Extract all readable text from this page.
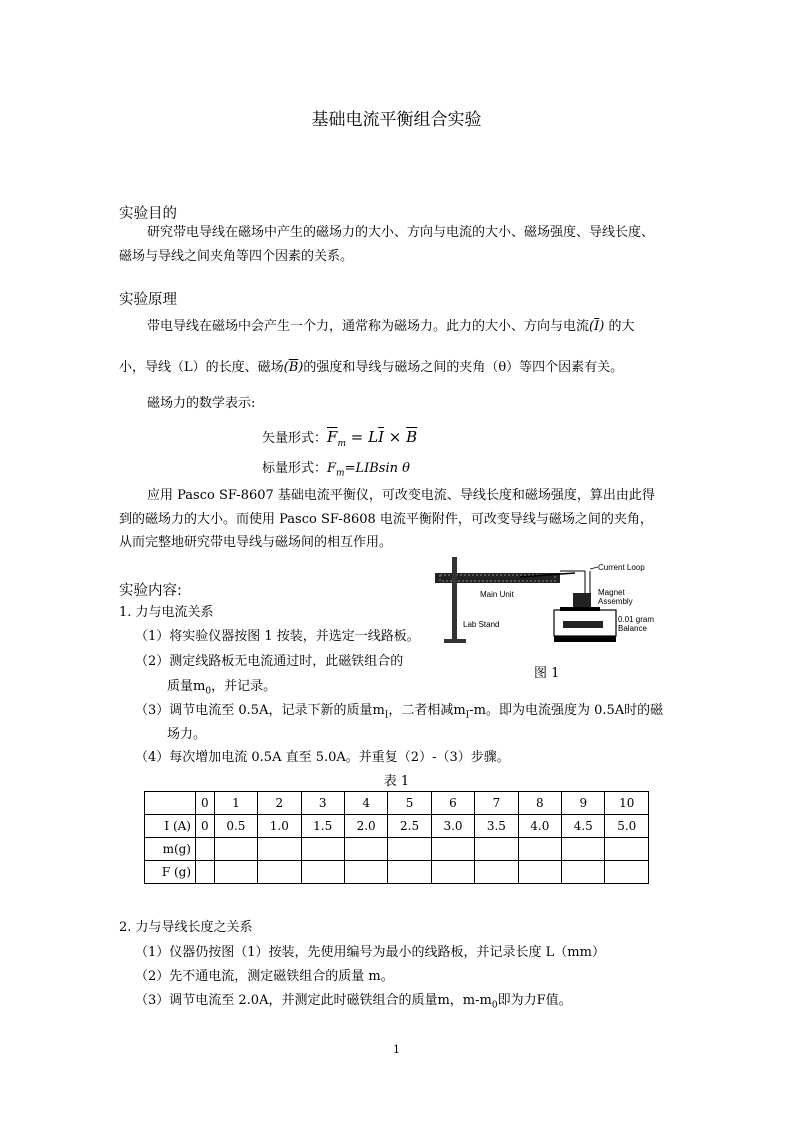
基础电流平衡组合实验
实验目的
研究带电导线在磁场中产生的磁场力的大小、方向与电流的大小、磁场强度、导线长度、
磁场与导线之间夹角等四个因素的关系。
实验原理
带电导线在磁场中会产生一个力，通常称为磁场力。此力的大小、方向与电流$(\overline{I})$ 的大
小，导线（L）的长度、磁场$(\overline{B})$的强度和导线与磁场之间的夹角（θ）等四个因素有关。
磁场力的数学表示:
矢量形式：$\overline{F}_m = L\overline{I} \times \overline{B}$
标量形式：$F_m=LIBsin$ θ
应用 Pasco SF-8607 基础电流平衡仪，可改变电流、导线长度和磁场强度，算出由此得
到的磁场力的大小。而使用 Pasco SF-8608 电流平衡附件，可改变导线与磁场之间的夹角，
从而完整地研究带电导线与磁场间的相互作用。
Current Loop
Main Unit	Magnet
Assembly
Lab Stand
0.01 gram
Balance
图 1
实验内容:
1. 力与电流关系
（1）将实验仪器按图 1 按装，并选定一线路板。
（2）测定线路板无电流通过时，此磁铁组合的
质量$m_0$，并记录。
（3）调节电流至 0.5A，记录下新的质量$m_I$，二者相减$m_I-m$。即为电流强度为 0.5A时的磁
场力。
（4）每次增加电流 0.5A 直至 5.0A。并重复（2）-（3）步骤。
表 1
	0	1	2	3	4	5	6	7	8	9	10
I (A)	0	0.5	1.0	1.5	2.0	2.5	3.0	3.5	4.0	4.5	5.0
m(g)											
F (g)											
2. 力与导线长度之关系
（1）仪器仍按图（1）按装，先使用编号为最小的线路板，并记录长度 L（mm）
（2）先不通电流，测定磁铁组合的质量 m。
（3）调节电流至 2.0A，并测定此时磁铁组合的质量m，$m-m_0$即为力F值。
1
